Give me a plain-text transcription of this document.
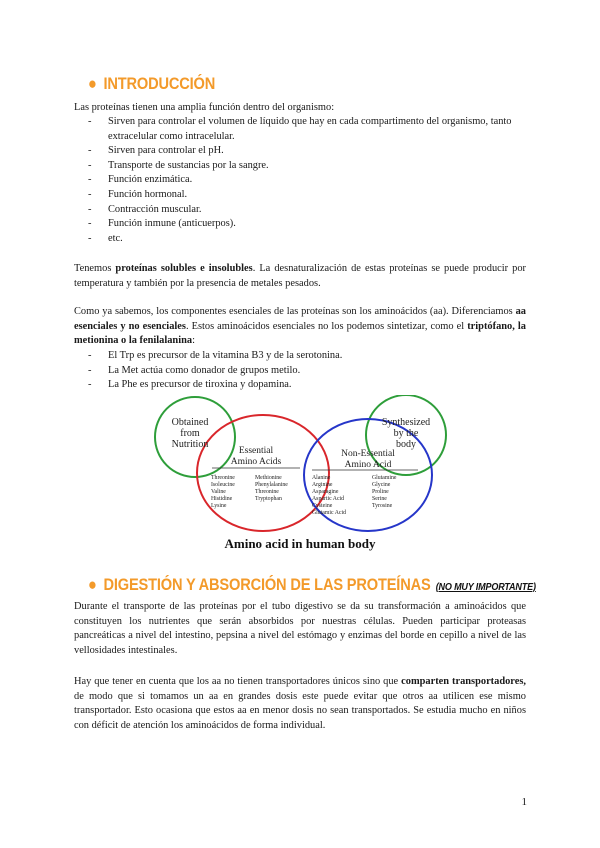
● INTRODUCCIÓN
Las proteínas tienen una amplia función dentro del organismo:
- Sirven para controlar el volumen de líquido que hay en cada compartimento del organismo, tanto extracelular como intracelular.
- Sirven para controlar el pH.
- Transporte de sustancias por la sangre.
- Función enzimática.
- Función hormonal.
- Contracción muscular.
- Función inmune (anticuerpos).
- etc.
Tenemos proteínas solubles e insolubles. La desnaturalización de estas proteínas se puede producir por temperatura y también por la presencia de metales pesados.
Como ya sabemos, los componentes esenciales de las proteínas son los aminoácidos (aa). Diferenciamos aa esenciales y no esenciales. Estos aminoácidos esenciales no los podemos sintetizar, como el triptófano, la metionina o la fenilalanina:
- El Trp es precursor de la vitamina B3 y de la serotonina.
- La Met actúa como donador de grupos metilo.
- La Phe es precursor de tiroxina y dopamina.
Obtained
from
Nutrition
Synthesized
by the
body
Essential
Amino Acids
Non-Essential
Amino Acid
Threonine
Isoleucine
Valine
Histidine
Lysine
Methionine
Phenylalanine
Threonine
Tryptophan
Alanine
Arginine
Asparagine
Aspartic Acid
Cysteine
Glutamic Acid
Glutamine
Glycine
Proline
Serine
Tyrosine
Amino acid in human body
● DIGESTIÓN Y ABSORCIÓN DE LAS PROTEÍNAS (NO MUY IMPORTANTE)
Durante el transporte de las proteínas por el tubo digestivo se da su transformación a aminoácidos que constituyen los nutrientes que serán absorbidos por nuestras células. Pueden participar proteasas pancreáticas a nivel del intestino, pepsina a nivel del estómago y enzimas del borde en cepillo a nivel de las vellosidades intestinales.
Hay que tener en cuenta que los aa no tienen transportadores únicos sino que comparten transportadores, de modo que si tomamos un aa en grandes dosis este puede evitar que otros aa utilicen ese mismo transportador. Esto ocasiona que estos aa en menor dosis no sean transportados. Se estudia mucho en niños con déficit de atención los aminoácidos de forma individual.
1
